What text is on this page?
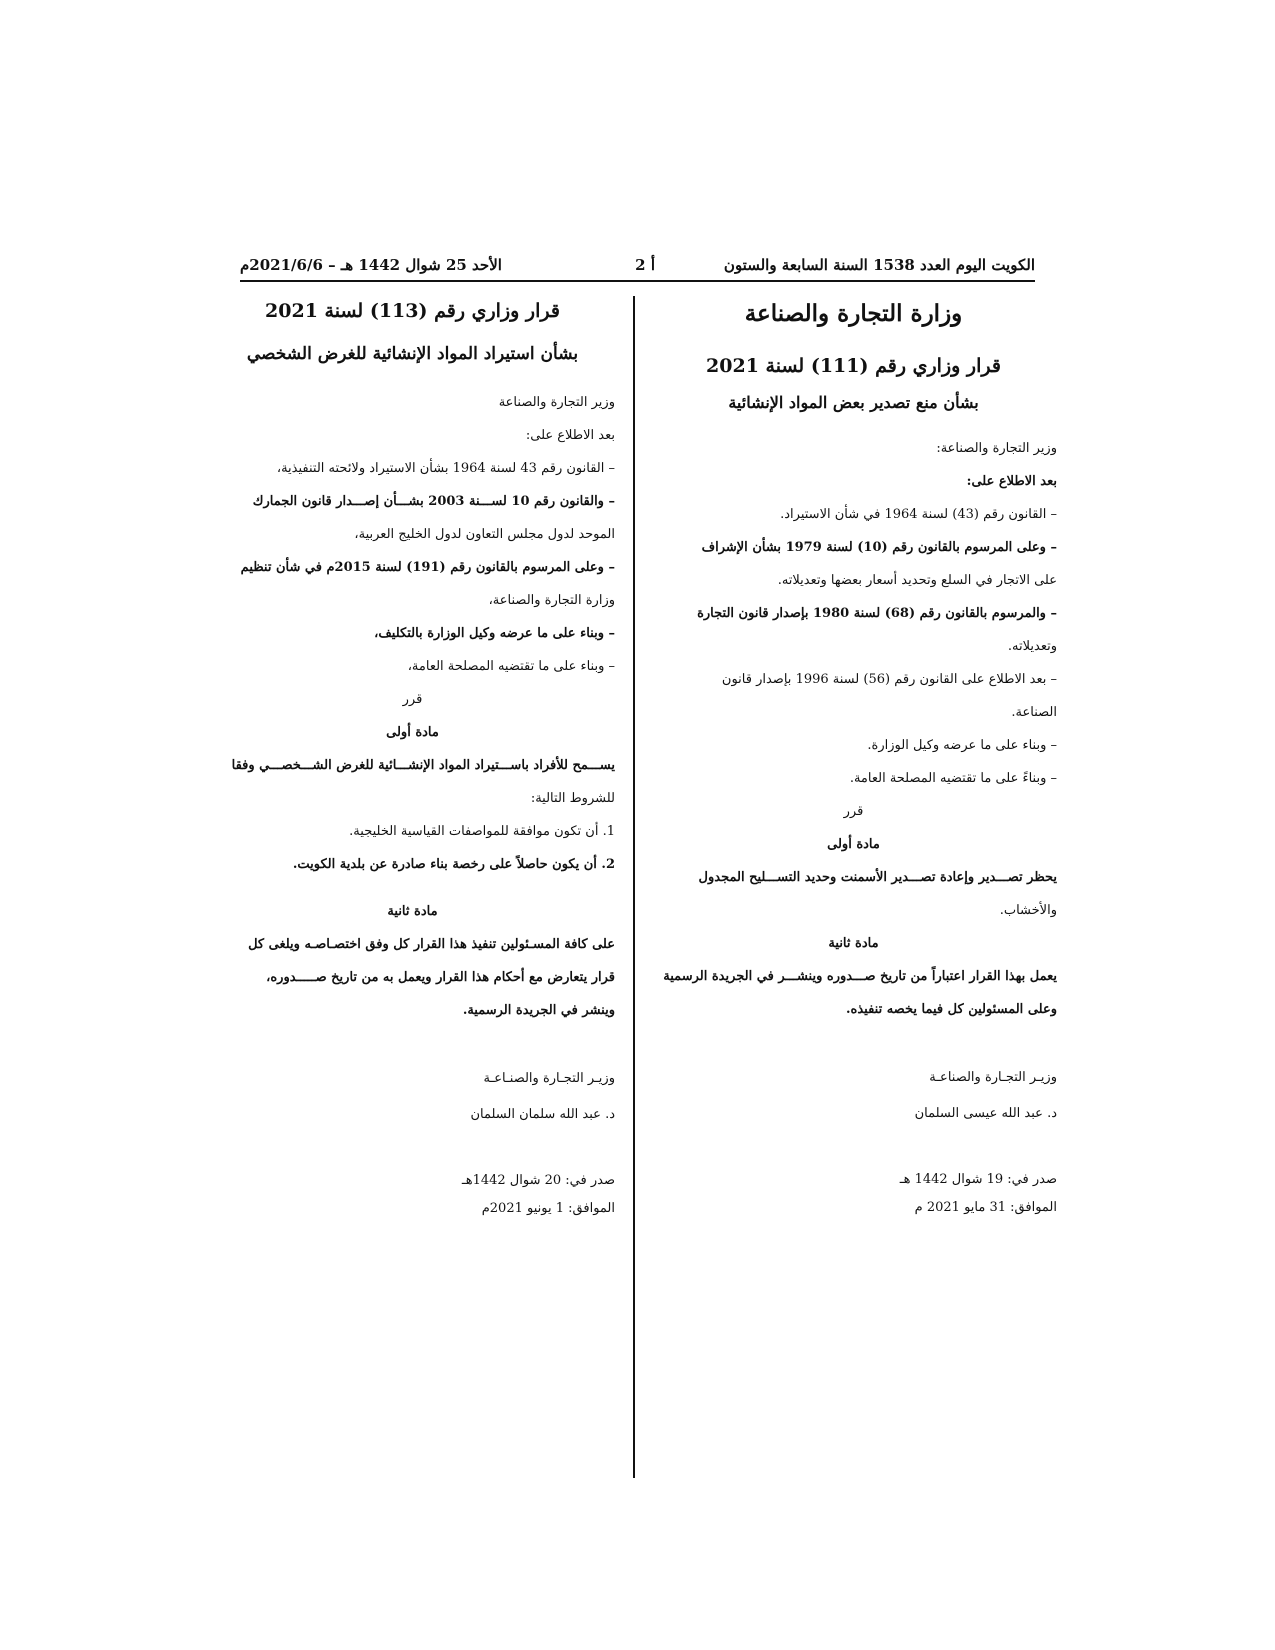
الكويت اليوم العدد 1538 السنة السابعة والستون
أ 2
الأحد 25 شوال 1442 هـ – 2021/6/6م
وزارة التجارة والصناعة
قرار وزاري رقم (111) لسنة 2021
بشأن منع تصدير بعض المواد الإنشائية

وزير التجارة والصناعة:

بعد الاطلاع على:

– القانون رقم (43) لسنة 1964 في شأن الاستيراد.

– وعلى المرسوم بالقانون رقم (10) لسنة 1979 بشأن الإشراف

على الاتجار في السلع وتحديد أسعار بعضها وتعديلاته.

– والمرسوم بالقانون رقم (68) لسنة 1980 بإصدار قانون التجارة

وتعديلاته.

– بعد الاطلاع على القانون رقم (56) لسنة 1996 بإصدار قانون

الصناعة.

– وبناء على ما عرضه وكيل الوزارة.

– وبناءً على ما تقتضيه المصلحة العامة.

قرر

مادة أولى

يحظر تصـــدير وإعادة تصـــدير الأسمنت وحديد التســـليح المجدول

والأخشاب.

مادة ثانية

يعمل بهذا القرار اعتباراً من تاريخ صـــدوره وينشـــر في الجريدة الرسمية

وعلى المسئولين كل فيما يخصه تنفيذه.

وزيـر التجـارة والصناعـة

د. عبد الله عيسى السلمان

صدر في: 19 شوال 1442 هـ

الموافق: 31 مايو 2021 م

قرار وزاري رقم (113) لسنة 2021
بشأن استيراد المواد الإنشائية للغرض الشخصي

وزير التجارة والصناعة

بعد الاطلاع على:

– القانون رقم 43 لسنة 1964 بشأن الاستيراد ولائحته التنفيذية،

– والقانون رقم 10 لســـنة 2003 بشـــأن إصـــدار قانون الجمارك

الموحد لدول مجلس التعاون لدول الخليج العربية،

– وعلى المرسوم بالقانون رقم (191) لسنة 2015م في شأن تنظيم

وزارة التجارة والصناعة،

– وبناء على ما عرضه وكيل الوزارة بالتكليف،

– وبناء على ما تقتضيه المصلحة العامة،

قرر

مادة أولى

يســـمح للأفراد باســـتيراد المواد الإنشـــائية للغرض الشـــخصـــي وفقا

للشروط التالية:

1. أن تكون موافقة للمواصفات القياسية الخليجية.

2. أن يكون حاصلاً على رخصة بناء صادرة عن بلدية الكويت.

مادة ثانية

على كافة المسـئولين تنفيذ هذا القرار كل وفق اختصـاصـه ويلغى كل

قرار يتعارض مع أحكام هذا القرار ويعمل به من تاريخ صـــــدوره،

وينشر في الجريدة الرسمية.

وزيـر التجـارة والصنـاعـة

د. عبد الله سلمان السلمان

صدر في: 20 شوال 1442هـ

الموافق: 1 يونيو 2021م
